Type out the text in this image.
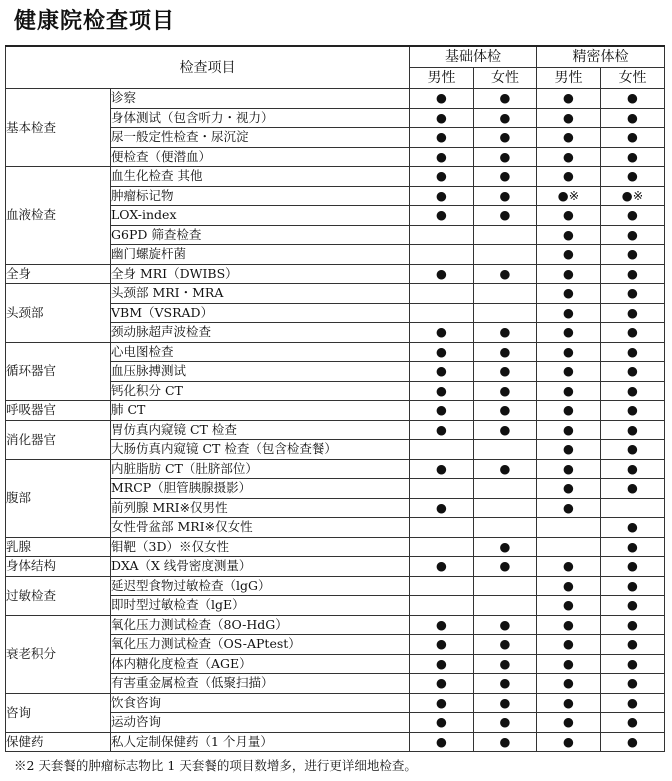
健康院检查项目
检查项目		基础体检		精密体检	
		男性	女性	男性	女性
基本检查	诊察	●	●	●	●
	身体测试（包含听力・视力）	●	●	●	●
	尿一般定性检查・尿沉淀	●	●	●	●
	便检查（便潜血）	●	●	●	●
血液检查	血生化检查 其他	●	●	●	●
	肿瘤标记物	●	●	●※	●※
	LOX-index	●	●	●	●
	G6PD 筛查检查			●	●
	幽门螺旋杆菌			●	●
全身	全身 MRI（DWIBS）	●	●	●	●
头颈部	头颈部 MRI・MRA			●	●
	VBM（VSRAD）			●	●
	颈动脉超声波检查	●	●	●	●
循环器官	心电图检查	●	●	●	●
	血压脉搏测试	●	●	●	●
	钙化积分 CT	●	●	●	●
呼吸器官	肺 CT	●	●	●	●
消化器官	胃仿真内窥镜 CT 检查	●	●	●	●
	大肠仿真内窥镜 CT 检查（包含检查餐）			●	●
腹部	内脏脂肪 CT（肚脐部位）	●	●	●	●
	MRCP（胆管胰腺摄影）			●	●
	前列腺 MRI※仅男性	●		●	
	女性骨盆部 MRI※仅女性				●
乳腺	钼靶（3D）※仅女性		●		●
身体结构	DXA（X 线骨密度测量）	●	●	●	●
过敏检查	延迟型食物过敏检查（lgG）			●	●
	即时型过敏检查（lgE）			●	●
衰老积分	氧化压力测试检查（8O-HdG）	●	●	●	●
	氧化压力测试检查（OS-APtest）	●	●	●	●
	体内糖化度检查（AGE）	●	●	●	●
	有害重金属检查（低聚扫描）	●	●	●	●
咨询	饮食咨询	●	●	●	●
	运动咨询	●	●	●	●
保健药	私人定制保健药（1 个月量）	●	●	●	●

※2 天套餐的肿瘤标志物比 1 天套餐的项目数增多，进行更详细地检查。
